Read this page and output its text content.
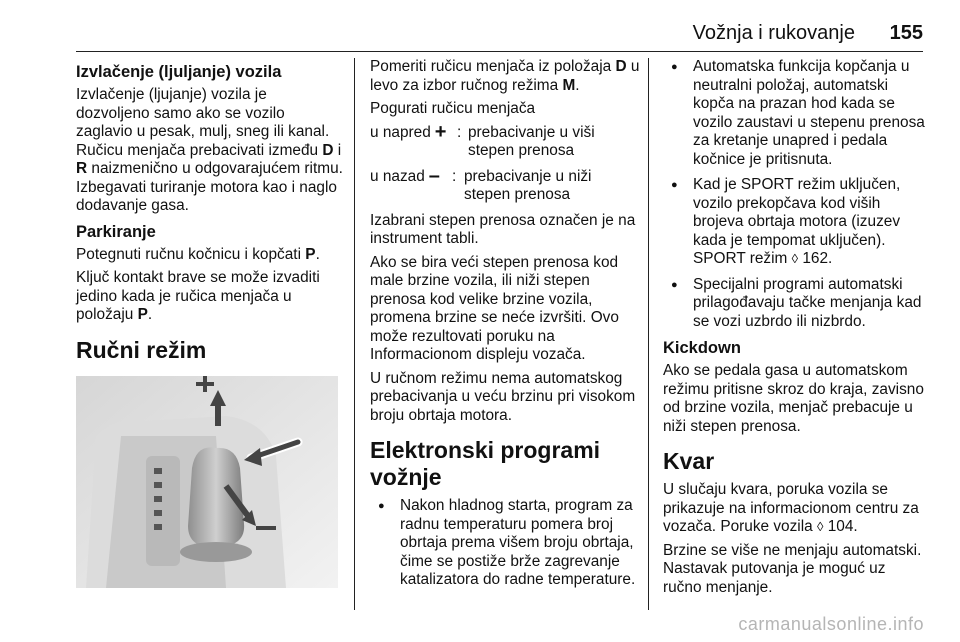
Vožnja i rukovanje 155
Izvlačenje (ljuljanje) vozila

Izvlačenje (ljujanje) vozila je dozvoljeno samo ako se vozilo zaglavio u pesak, mulj, sneg ili kanal. Ručicu menjača prebacivati između D i R naizmenično u odgovarajućem ritmu. Izbegavati turiranje motora kao i naglo dodavanje gasa.

Parkiranje

Potegnuti ručnu kočnicu i kopčati P.

Ključ kontakt brave se može izvaditi jedino kada je ručica menjača u položaju P.

Ručni režim

Pomeriti ručicu menjača iz položaja D u levo za izbor ručnog režima M.

Pogurati ručicu menjača

u napred + : prebacivanje u viši stepen prenosa
u nazad – : prebacivanje u niži stepen prenosa

Izabrani stepen prenosa označen je na instrument tabli.

Ako se bira veći stepen prenosa kod male brzine vozila, ili niži stepen prenosa kod velike brzine vozila, promena brzine se neće izvršiti. Ovo može rezultovati poruku na Informacionom displeju vozača.

U ručnom režimu nema automatskog prebacivanja u veću brzinu pri visokom broju obrtaja motora.

Elektronski programi vožnje
● Nakon hladnog starta, program za radnu temperaturu pomera broj obrtaja prema višem broju obrtaja, čime se postiže brže zagrevanje katalizatora do radne temperature.
● Automatska funkcija kopčanja u neutralni položaj, automatski kopča na prazan hod kada se vozilo zaustavi u stepenu prenosa za kretanje unapred i pedala kočnice je pritisnuta.
● Kad je SPORT režim uključen, vozilo prekopčava kod viših brojeva obrtaja motora (izuzev kada je tempomat uključen). SPORT režim ◊ 162.
● Specijalni programi automatski prilagođavaju tačke menjanja kad se vozi uzbrdo ili nizbrdo.
Kickdown

Ako se pedala gasa u automatskom režimu pritisne skroz do kraja, zavisno od brzine vozila, menjač prebacuje u niži stepen prenosa.

Kvar

U slučaju kvara, poruka vozila se prikazuje na informacionom centru za vozača. Poruke vozila ◊ 104.

Brzine se više ne menjaju automatski. Nastavak putovanja je moguć uz ručno menjanje.

carmanualsonline.info
